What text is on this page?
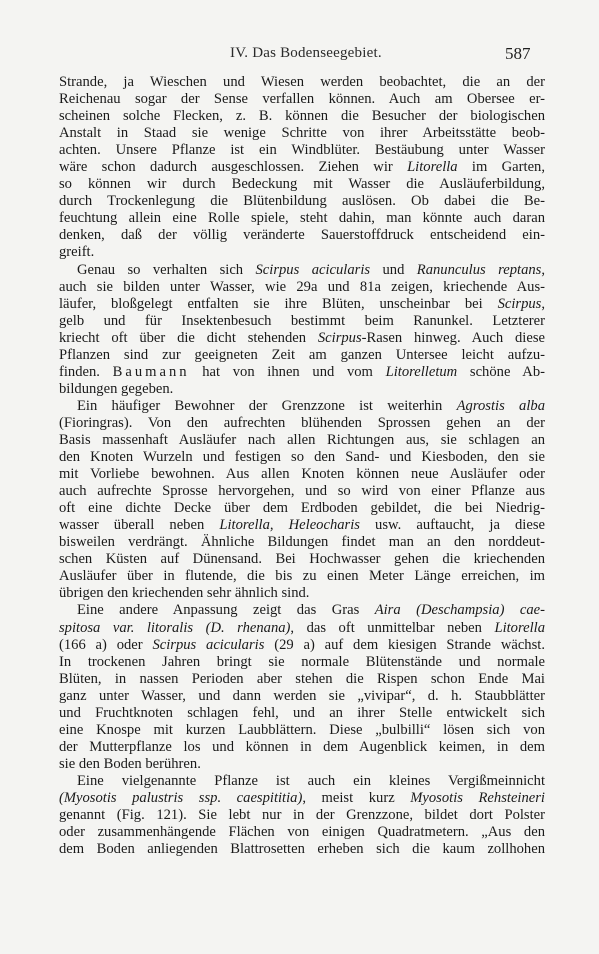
IV. Das Bodenseegebiet.	587
Strande, ja Wieschen und Wiesen werden beobachtet, die an der
Reichenau sogar der Sense verfallen können. Auch am Obersee er-
scheinen solche Flecken, z. B. können die Besucher der biologischen
Anstalt in Staad sie wenige Schritte von ihrer Arbeitsstätte beob-
achten. Unsere Pflanze ist ein Windblüter. Bestäubung unter Wasser
wäre schon dadurch ausgeschlossen. Ziehen wir Litorella im Garten,
so können wir durch Bedeckung mit Wasser die Ausläuferbildung,
durch Trockenlegung die Blütenbildung auslösen. Ob dabei die Be-
feuchtung allein eine Rolle spiele, steht dahin, man könnte auch daran
denken, daß der völlig veränderte Sauerstoffdruck entscheidend ein-
greift.
Genau so verhalten sich Scirpus acicularis und Ranunculus reptans,
auch sie bilden unter Wasser, wie 29a und 81a zeigen, kriechende Aus-
läufer, bloßgelegt entfalten sie ihre Blüten, unscheinbar bei Scirpus,
gelb und für Insektenbesuch bestimmt beim Ranunkel. Letzterer
kriecht oft über die dicht stehenden Scirpus-Rasen hinweg. Auch diese
Pflanzen sind zur geeigneten Zeit am ganzen Untersee leicht aufzu-
finden. Baumann hat von ihnen und vom Litorelletum schöne Ab-
bildungen gegeben.
Ein häufiger Bewohner der Grenzzone ist weiterhin Agrostis alba
(Fioringras). Von den aufrechten blühenden Sprossen gehen an der
Basis massenhaft Ausläufer nach allen Richtungen aus, sie schlagen an
den Knoten Wurzeln und festigen so den Sand- und Kiesboden, den sie
mit Vorliebe bewohnen. Aus allen Knoten können neue Ausläufer oder
auch aufrechte Sprosse hervorgehen, und so wird von einer Pflanze aus
oft eine dichte Decke über dem Erdboden gebildet, die bei Niedrig-
wasser überall neben Litorella, Heleocharis usw. auftaucht, ja diese
bisweilen verdrängt. Ähnliche Bildungen findet man an den norddeut-
schen Küsten auf Dünensand. Bei Hochwasser gehen die kriechenden
Ausläufer über in flutende, die bis zu einen Meter Länge erreichen, im
übrigen den kriechenden sehr ähnlich sind.
Eine andere Anpassung zeigt das Gras Aira (Deschampsia) cae-
spitosa var. litoralis (D. rhenana), das oft unmittelbar neben Litorella
(166 a) oder Scirpus acicularis (29 a) auf dem kiesigen Strande wächst.
In trockenen Jahren bringt sie normale Blütenstände und normale
Blüten, in nassen Perioden aber stehen die Rispen schon Ende Mai
ganz unter Wasser, und dann werden sie „vivipar“, d. h. Staubblätter
und Fruchtknoten schlagen fehl, und an ihrer Stelle entwickelt sich
eine Knospe mit kurzen Laubblättern. Diese „bulbilli“ lösen sich von
der Mutterpflanze los und können in dem Augenblick keimen, in dem
sie den Boden berühren.
Eine vielgenannte Pflanze ist auch ein kleines Vergißmeinnicht
(Myosotis palustris ssp. caespititia), meist kurz Myosotis Rehsteineri
genannt (Fig. 121). Sie lebt nur in der Grenzzone, bildet dort Polster
oder zusammenhängende Flächen von einigen Quadratmetern. „Aus den
dem Boden anliegenden Blattrosetten erheben sich die kaum zollhohen
